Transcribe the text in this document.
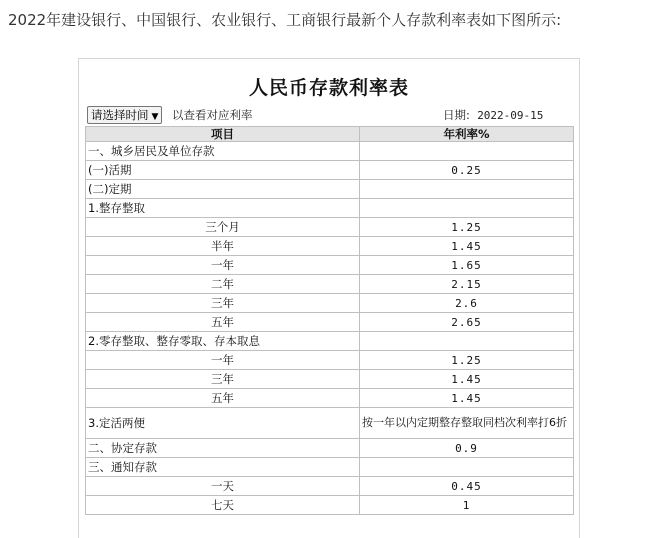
2022年建设银行、中国银行、农业银行、工商银行最新个人存款利率表如下图所示:
人民币存款利率表
请选择时间 ▼	以查看对应利率	日期: 2022-09-15
项目	年利率%
一、城乡居民及单位存款	
(一)活期	0.25
(二)定期	
1.整存整取	
三个月	1.25
半年	1.45
一年	1.65
二年	2.15
三年	2.6
五年	2.65
2.零存整取、整存零取、存本取息	
一年	1.25
三年	1.45
五年	1.45
3.定活两便	按一年以内定期整存整取同档次利率打6折
二、协定存款	0.9
三、通知存款	
一天	0.45
七天	1
